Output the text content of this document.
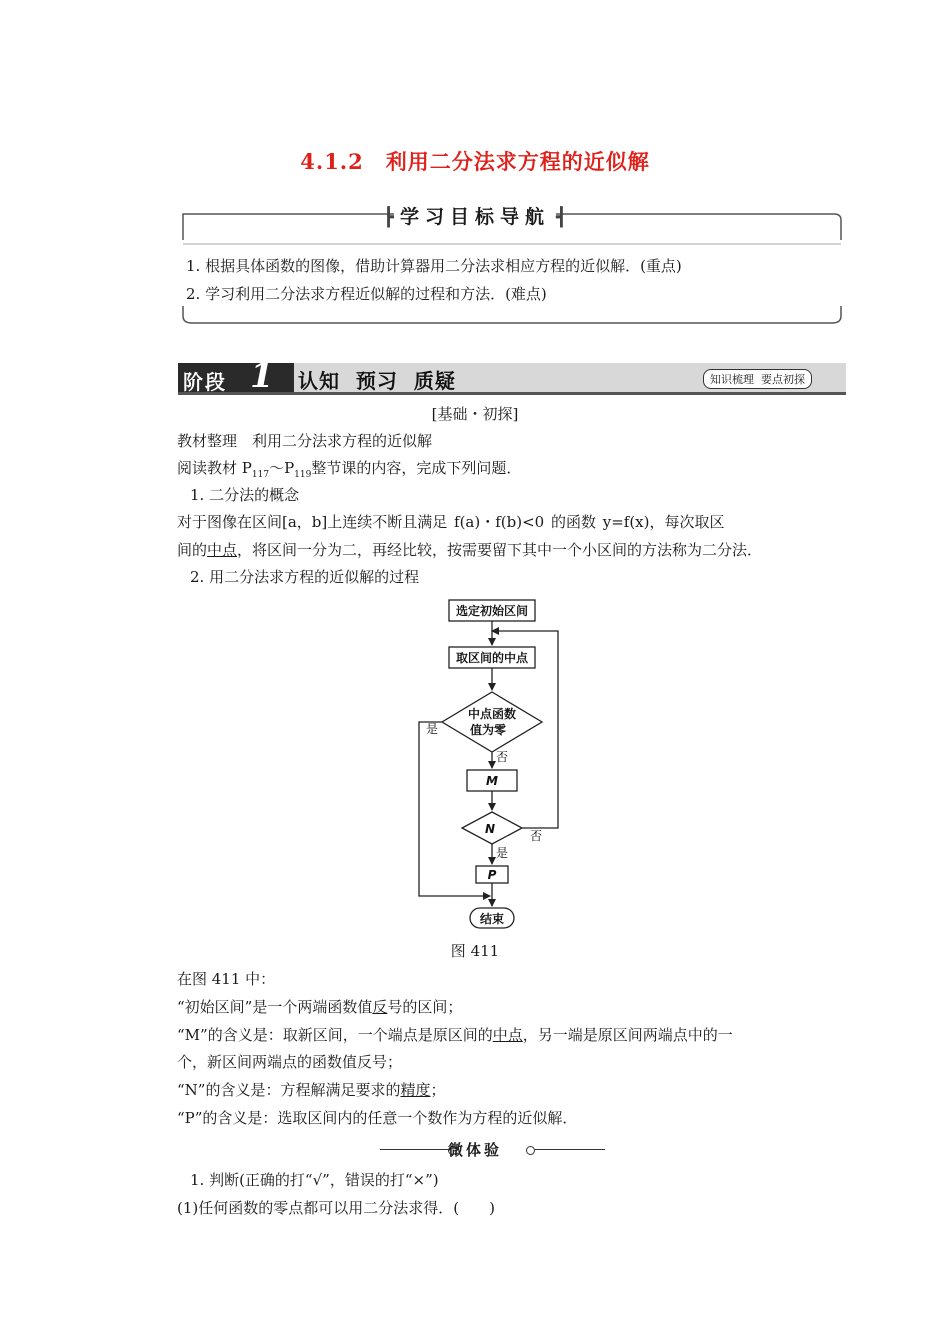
4.1.2　利用二分法求方程的近似解
┣ 学习目标导航 ┫
1. 根据具体函数的图像，借助计算器用二分法求相应方程的近似解．(重点)
2. 学习利用二分法求方程近似解的过程和方法．(难点)
阶段 1 认知  预习  质疑	知识梳理  要点初探
[基础・初探]
教材整理　利用二分法求方程的近似解
阅读教材 $P_{117}\sim P_{119}$整节课的内容，完成下列问题．
1. 二分法的概念
对于图像在区间[a，b]上连续不断且满足 f(a)・f(b)<0 的函数 y=f(x)，每次取区
间的中点，将区间一分为二，再经比较，按需要留下其中一个小区间的方法称为二分法．
2. 用二分法求方程的近似解的过程
选定初始区间
取区间的中点
中点函数
值为零
M
N
P
结束
是
否
否
是
图 411
在图 411 中：
“初始区间”是一个两端函数值反号的区间；
“M”的含义是：取新区间，一个端点是原区间的中点，另一端是原区间两端点中的一
个，新区间两端点的函数值反号；
“N”的含义是：方程解满足要求的精度；
“P”的含义是：选取区间内的任意一个数作为方程的近似解．
微体验
1. 判断(正确的打“√”，错误的打“×”)
(1)任何函数的零点都可以用二分法求得．(　　)
